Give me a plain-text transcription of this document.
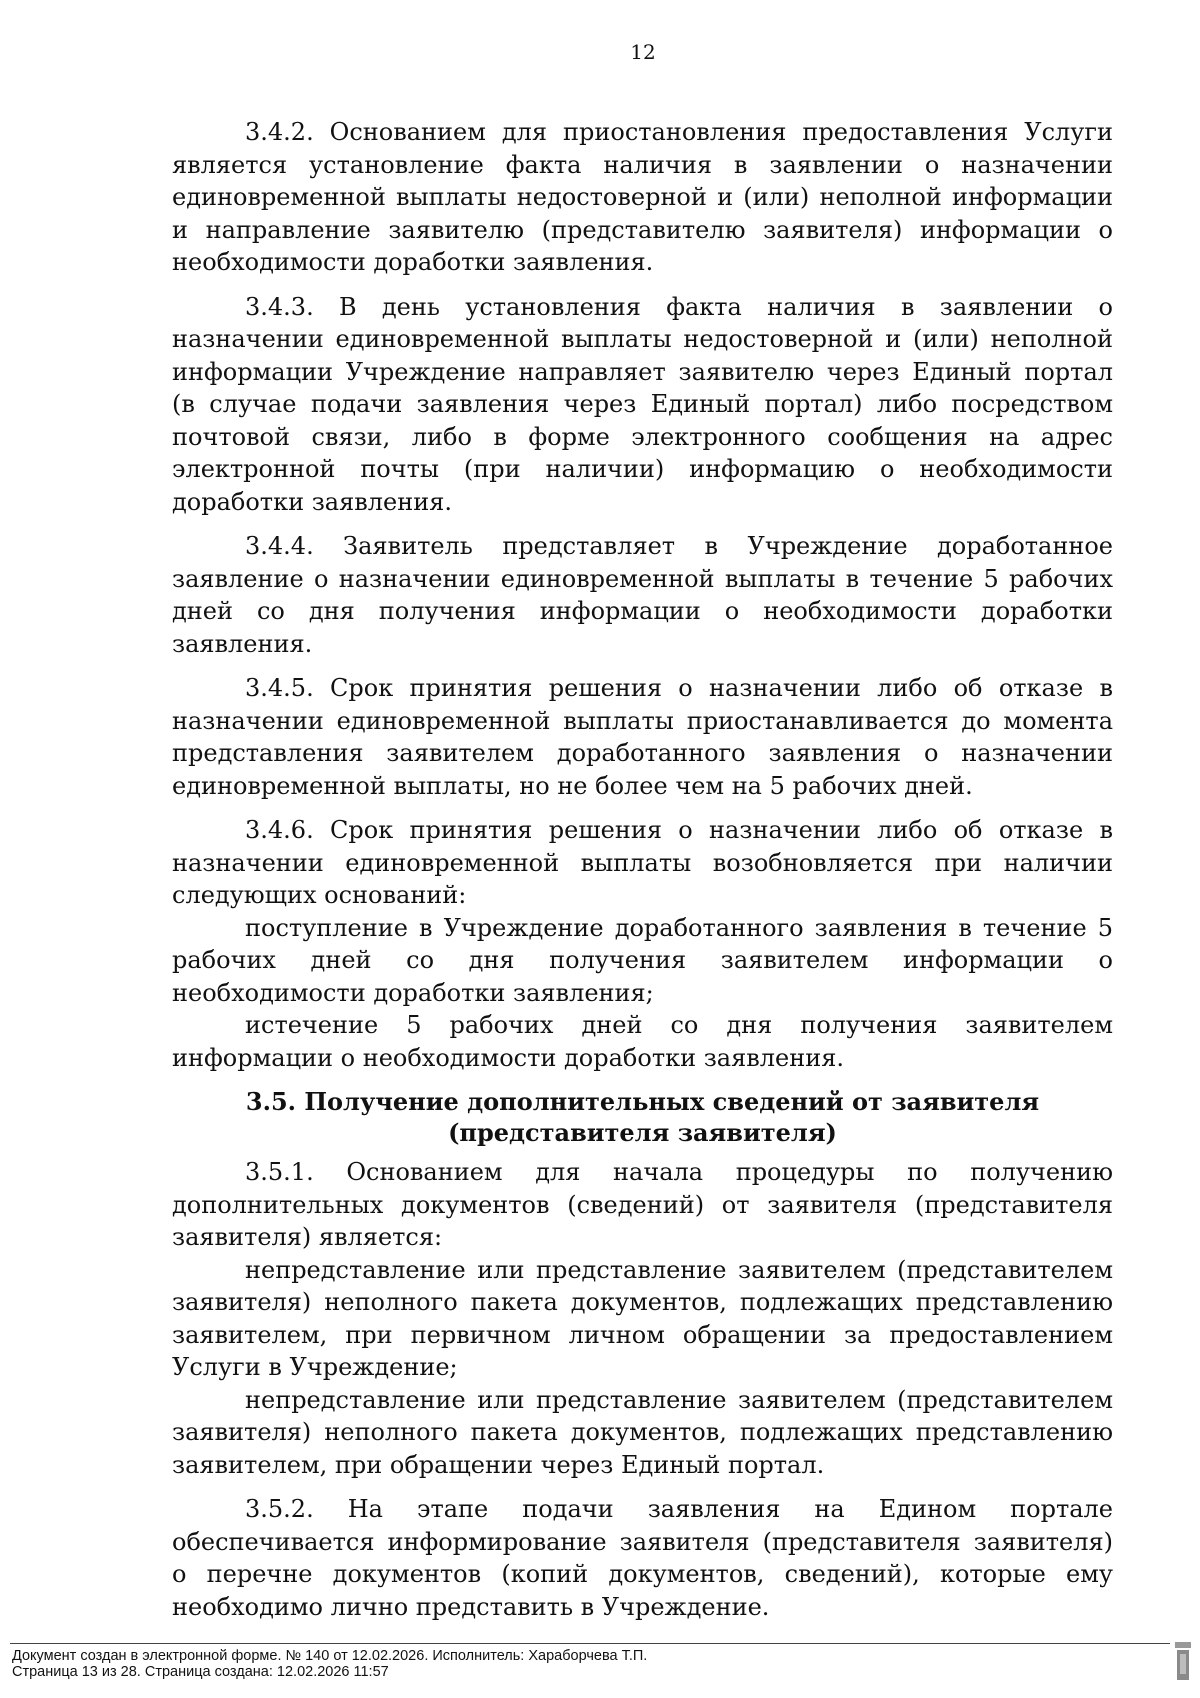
12

3.4.2. Основанием для приостановления предоставления Услуги является установление факта наличия в заявлении о назначении единовременной выплаты недостоверной и (или) неполной информации и направление заявителю (представителю заявителя) информации о необходимости доработки заявления.

3.4.3. В день установления факта наличия в заявлении о назначении единовременной выплаты недостоверной и (или) неполной информации Учреждение направляет заявителю через Единый портал (в случае подачи заявления через Единый портал) либо посредством почтовой связи, либо в форме электронного сообщения на адрес электронной почты (при наличии) информацию о необходимости доработки заявления.

3.4.4. Заявитель представляет в Учреждение доработанное заявление о назначении единовременной выплаты в течение 5 рабочих дней со дня получения информации о необходимости доработки заявления.

3.4.5. Срок принятия решения о назначении либо об отказе в назначении единовременной выплаты приостанавливается до момента представления заявителем доработанного заявления о назначении единовременной выплаты, но не более чем на 5 рабочих дней.

3.4.6. Срок принятия решения о назначении либо об отказе в назначении единовременной выплаты возобновляется при наличии следующих оснований:

поступление в Учреждение доработанного заявления в течение 5 рабочих дней со дня получения заявителем информации о необходимости доработки заявления;

истечение 5 рабочих дней со дня получения заявителем информации о необходимости доработки заявления.

3.5. Получение дополнительных сведений от заявителя (представителя заявителя)

3.5.1. Основанием для начала процедуры по получению дополнительных документов (сведений) от заявителя (представителя заявителя) является:

непредставление или представление заявителем (представителем заявителя) неполного пакета документов, подлежащих представлению заявителем, при первичном личном обращении за предоставлением Услуги в Учреждение;

непредставление или представление заявителем (представителем заявителя) неполного пакета документов, подлежащих представлению заявителем, при обращении через Единый портал.

3.5.2. На этапе подачи заявления на Едином портале обеспечивается информирование заявителя (представителя заявителя) о перечне документов (копий документов, сведений), которые ему необходимо лично представить в Учреждение.

Документ создан в электронной форме. № 140 от 12.02.2026. Исполнитель: Хараборчева Т.П.
Страница 13 из 28. Страница создана: 12.02.2026 11:57
